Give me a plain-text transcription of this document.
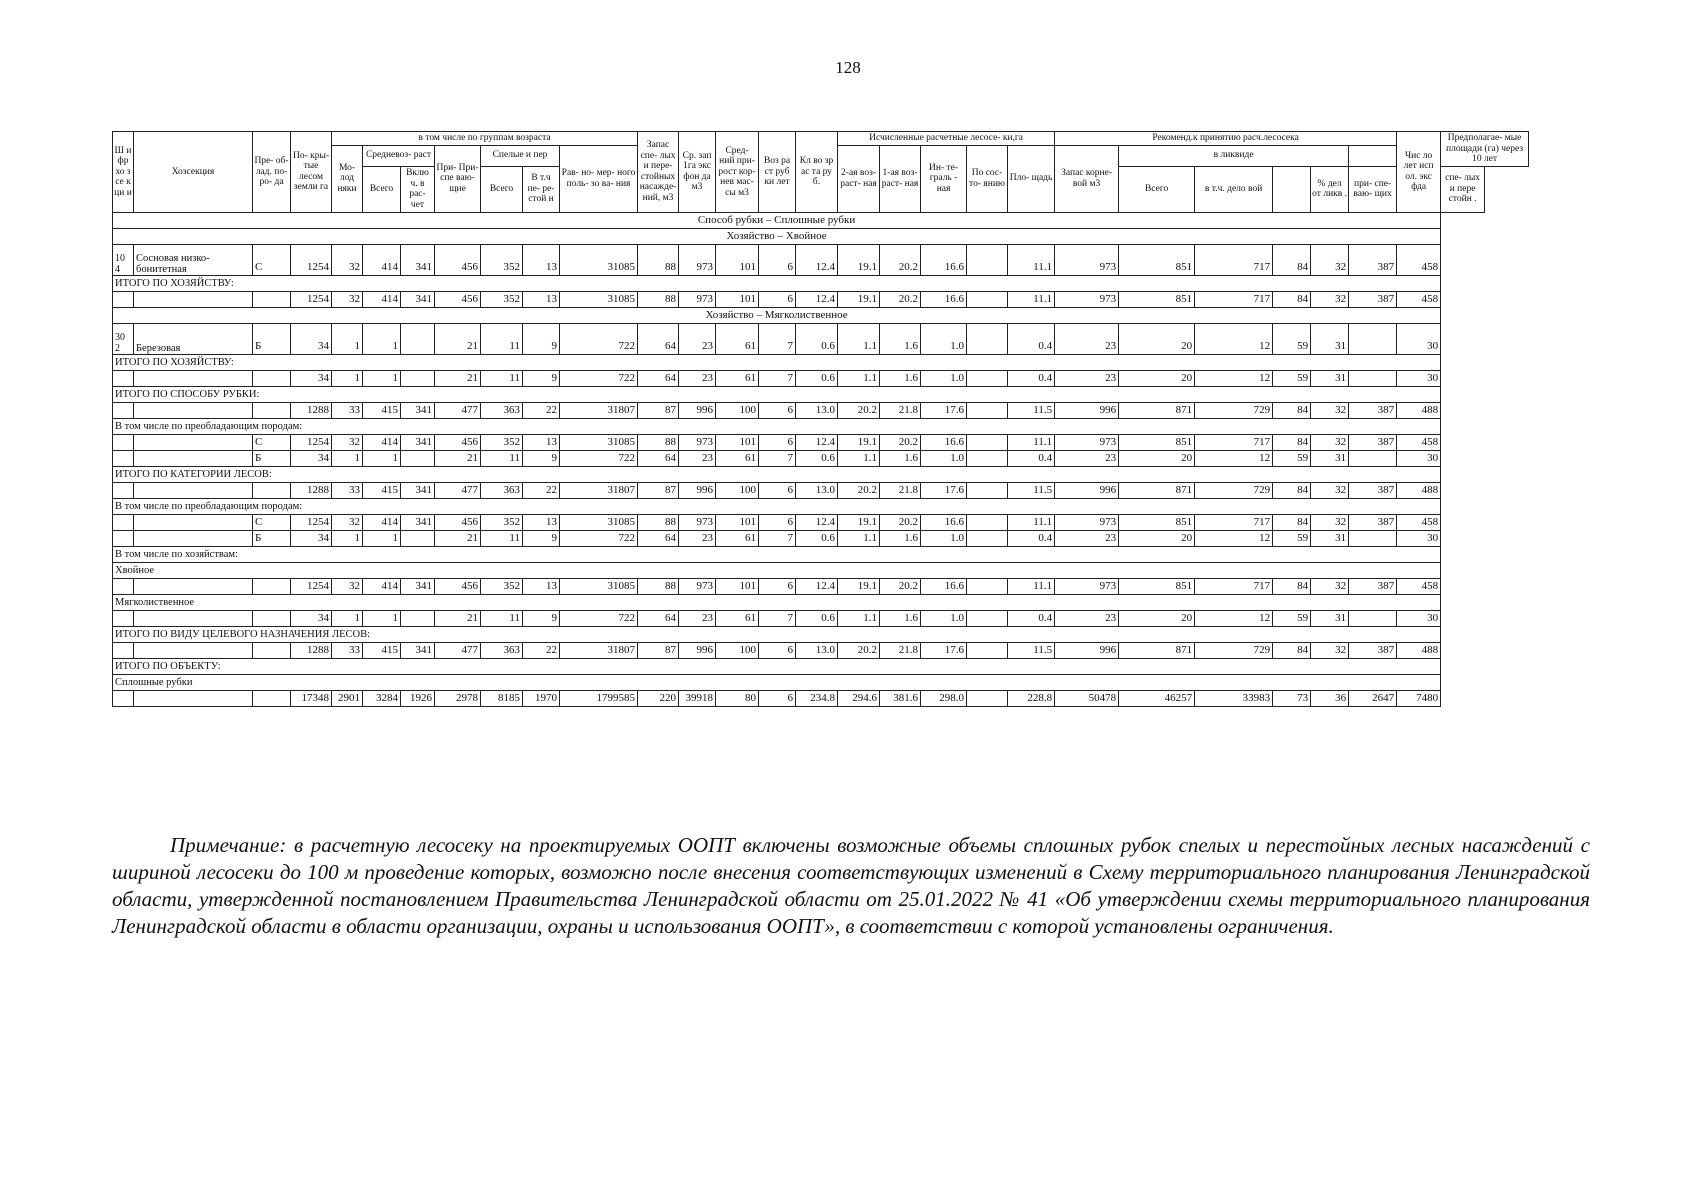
128
Ш и фр хо з се к ци и	Хозсекция	Пре- об- лад. по- ро- да	По- кры- тые лесом земли га	в том числе по группам возраста							Запас спе- лых и пере- стойных насажде- ний, м3	Ср. зап 1га экс фон да м3	Сред- ний при- рост кор- нев мас- сы м3	Воз ра ст руб ки лет	Кл во зр ас та ру б.	Исчисленные расчетные лесосе- ки,га					Рекоменд.к принятию расч.лесосека						Чис ло лет исп ол. экс фда	Предполагае- мые площади (га) через 10 лет
				Мо- лод няки	Средневоз- раст		При- При- спе ваю- щие	Спелые и пер		Рав- но- мер- ного поль- зо ва- ния						2-ая воз- раст- ная	1-ая воз- раст- ная	Ин- те- граль - ная	По сос- то- янию	Пло- щадь	Запас корне- вой м3	в ликвиде						
					Всего	Вклю ч. в рас- чет		Всего	В т.ч пе- ре- стой н													Всего	в т.ч. дело вой		% дел от ликв .	при- спе- ваю- щих		спе- лых и пере стойн .

Способ рубки – Сплошные рубки																												
Хозяйство – Хвойное																												
10 4	Сосновая низко- бонитетная	С	1254	32	414	341	456	352	13	31085	88	973	101	6	12.4	19.1	20.2	16.6		11.1	973	851	717	84	32	387	458	
ИТОГО ПО ХОЗЯЙСТВУ:																												
			1254	32	414	341	456	352	13	31085	88	973	101	6	12.4	19.1	20.2	16.6		11.1	973	851	717	84	32	387	458	
Хозяйство – Мягколиственное																												
30 2	Березовая	Б	34	1	1		21	11	9	722	64	23	61	7	0.6	1.1	1.6	1.0		0.4	23	20	12	59	31		30	
ИТОГО ПО ХОЗЯЙСТВУ:																												
			34	1	1		21	11	9	722	64	23	61	7	0.6	1.1	1.6	1.0		0.4	23	20	12	59	31		30	
ИТОГО ПО СПОСОБУ РУБКИ:																												
			1288	33	415	341	477	363	22	31807	87	996	100	6	13.0	20.2	21.8	17.6		11.5	996	871	729	84	32	387	488	
В том числе по преобладающим породам:																												
		С	1254	32	414	341	456	352	13	31085	88	973	101	6	12.4	19.1	20.2	16.6		11.1	973	851	717	84	32	387	458	
		Б	34	1	1		21	11	9	722	64	23	61	7	0.6	1.1	1.6	1.0		0.4	23	20	12	59	31		30	
ИТОГО ПО КАТЕГОРИИ ЛЕСОВ:																												
			1288	33	415	341	477	363	22	31807	87	996	100	6	13.0	20.2	21.8	17.6		11.5	996	871	729	84	32	387	488	
В том числе по преобладающим породам:																												
		С	1254	32	414	341	456	352	13	31085	88	973	101	6	12.4	19.1	20.2	16.6		11.1	973	851	717	84	32	387	458	
		Б	34	1	1		21	11	9	722	64	23	61	7	0.6	1.1	1.6	1.0		0.4	23	20	12	59	31		30	
В том числе по хозяйствам:																												
Хвойное																												
			1254	32	414	341	456	352	13	31085	88	973	101	6	12.4	19.1	20.2	16.6		11.1	973	851	717	84	32	387	458	
Мягколиственное																												
			34	1	1		21	11	9	722	64	23	61	7	0.6	1.1	1.6	1.0		0.4	23	20	12	59	31		30	
ИТОГО ПО ВИДУ ЦЕЛЕВОГО НАЗНАЧЕНИЯ ЛЕСОВ:																												
			1288	33	415	341	477	363	22	31807	87	996	100	6	13.0	20.2	21.8	17.6		11.5	996	871	729	84	32	387	488	
ИТОГО ПО ОБЪЕКТУ:																												
Сплошные рубки																												
			17348	2901	3284	1926	2978	8185	1970	1799585	220	39918	80	6	234.8	294.6	381.6	298.0		228.8	50478	46257	33983	73	36	2647	7480	
Примечание: в расчетную лесосеку на проектируемых ООПТ включены возможные объемы сплошных рубок спелых и перестойных лесных насаждений с шириной лесосеки до 100 м проведение которых, возможно после внесения соответствующих изменений в Схему территориального планирования Ленинградской области, утвержденной постановлением Правительства Ленинградской области от 25.01.2022 № 41 «Об утверждении схемы территориального планирования Ленинградской области в области организации, охраны и использования ООПТ», в соответствии с которой установлены ограничения.
